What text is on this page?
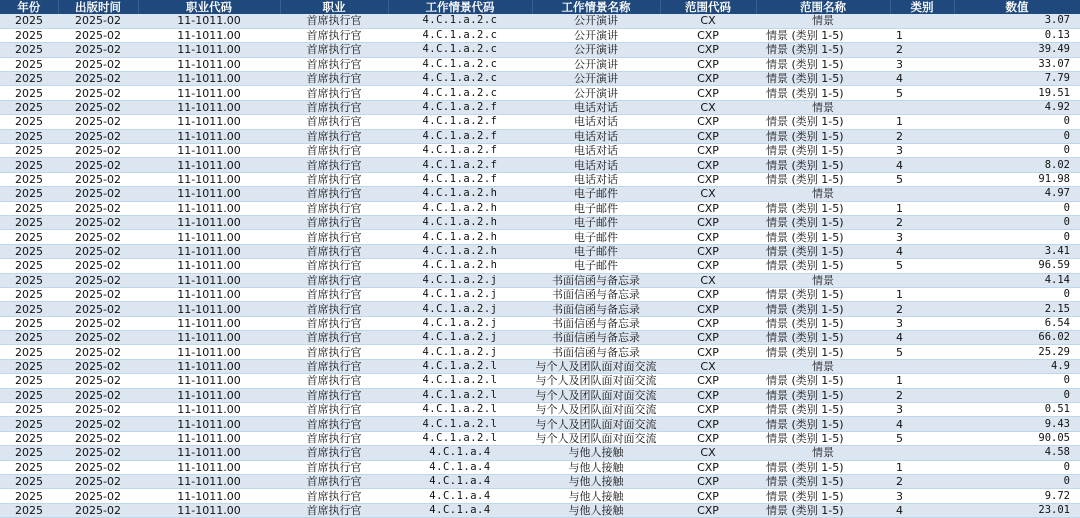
年份	出版时间	职业代码	职业	工作情景代码	工作情景名称	范围代码	范围名称	类别	数值
2025	2025-02	11-1011.00	首席执行官	4.C.1.a.2.c	公开演讲	CX	情景		3.07
2025	2025-02	11-1011.00	首席执行官	4.C.1.a.2.c	公开演讲	CXP	情景 (类别 1-5)	1	0.13
2025	2025-02	11-1011.00	首席执行官	4.C.1.a.2.c	公开演讲	CXP	情景 (类别 1-5)	2	39.49
2025	2025-02	11-1011.00	首席执行官	4.C.1.a.2.c	公开演讲	CXP	情景 (类别 1-5)	3	33.07
2025	2025-02	11-1011.00	首席执行官	4.C.1.a.2.c	公开演讲	CXP	情景 (类别 1-5)	4	7.79
2025	2025-02	11-1011.00	首席执行官	4.C.1.a.2.c	公开演讲	CXP	情景 (类别 1-5)	5	19.51
2025	2025-02	11-1011.00	首席执行官	4.C.1.a.2.f	电话对话	CX	情景		4.92
2025	2025-02	11-1011.00	首席执行官	4.C.1.a.2.f	电话对话	CXP	情景 (类别 1-5)	1	0
2025	2025-02	11-1011.00	首席执行官	4.C.1.a.2.f	电话对话	CXP	情景 (类别 1-5)	2	0
2025	2025-02	11-1011.00	首席执行官	4.C.1.a.2.f	电话对话	CXP	情景 (类别 1-5)	3	0
2025	2025-02	11-1011.00	首席执行官	4.C.1.a.2.f	电话对话	CXP	情景 (类别 1-5)	4	8.02
2025	2025-02	11-1011.00	首席执行官	4.C.1.a.2.f	电话对话	CXP	情景 (类别 1-5)	5	91.98
2025	2025-02	11-1011.00	首席执行官	4.C.1.a.2.h	电子邮件	CX	情景		4.97
2025	2025-02	11-1011.00	首席执行官	4.C.1.a.2.h	电子邮件	CXP	情景 (类别 1-5)	1	0
2025	2025-02	11-1011.00	首席执行官	4.C.1.a.2.h	电子邮件	CXP	情景 (类别 1-5)	2	0
2025	2025-02	11-1011.00	首席执行官	4.C.1.a.2.h	电子邮件	CXP	情景 (类别 1-5)	3	0
2025	2025-02	11-1011.00	首席执行官	4.C.1.a.2.h	电子邮件	CXP	情景 (类别 1-5)	4	3.41
2025	2025-02	11-1011.00	首席执行官	4.C.1.a.2.h	电子邮件	CXP	情景 (类别 1-5)	5	96.59
2025	2025-02	11-1011.00	首席执行官	4.C.1.a.2.j	书面信函与备忘录	CX	情景		4.14
2025	2025-02	11-1011.00	首席执行官	4.C.1.a.2.j	书面信函与备忘录	CXP	情景 (类别 1-5)	1	0
2025	2025-02	11-1011.00	首席执行官	4.C.1.a.2.j	书面信函与备忘录	CXP	情景 (类别 1-5)	2	2.15
2025	2025-02	11-1011.00	首席执行官	4.C.1.a.2.j	书面信函与备忘录	CXP	情景 (类别 1-5)	3	6.54
2025	2025-02	11-1011.00	首席执行官	4.C.1.a.2.j	书面信函与备忘录	CXP	情景 (类别 1-5)	4	66.02
2025	2025-02	11-1011.00	首席执行官	4.C.1.a.2.j	书面信函与备忘录	CXP	情景 (类别 1-5)	5	25.29
2025	2025-02	11-1011.00	首席执行官	4.C.1.a.2.l	与个人及团队面对面交流	CX	情景		4.9
2025	2025-02	11-1011.00	首席执行官	4.C.1.a.2.l	与个人及团队面对面交流	CXP	情景 (类别 1-5)	1	0
2025	2025-02	11-1011.00	首席执行官	4.C.1.a.2.l	与个人及团队面对面交流	CXP	情景 (类别 1-5)	2	0
2025	2025-02	11-1011.00	首席执行官	4.C.1.a.2.l	与个人及团队面对面交流	CXP	情景 (类别 1-5)	3	0.51
2025	2025-02	11-1011.00	首席执行官	4.C.1.a.2.l	与个人及团队面对面交流	CXP	情景 (类别 1-5)	4	9.43
2025	2025-02	11-1011.00	首席执行官	4.C.1.a.2.l	与个人及团队面对面交流	CXP	情景 (类别 1-5)	5	90.05
2025	2025-02	11-1011.00	首席执行官	4.C.1.a.4	与他人接触	CX	情景		4.58
2025	2025-02	11-1011.00	首席执行官	4.C.1.a.4	与他人接触	CXP	情景 (类别 1-5)	1	0
2025	2025-02	11-1011.00	首席执行官	4.C.1.a.4	与他人接触	CXP	情景 (类别 1-5)	2	0
2025	2025-02	11-1011.00	首席执行官	4.C.1.a.4	与他人接触	CXP	情景 (类别 1-5)	3	9.72
2025	2025-02	11-1011.00	首席执行官	4.C.1.a.4	与他人接触	CXP	情景 (类别 1-5)	4	23.01
